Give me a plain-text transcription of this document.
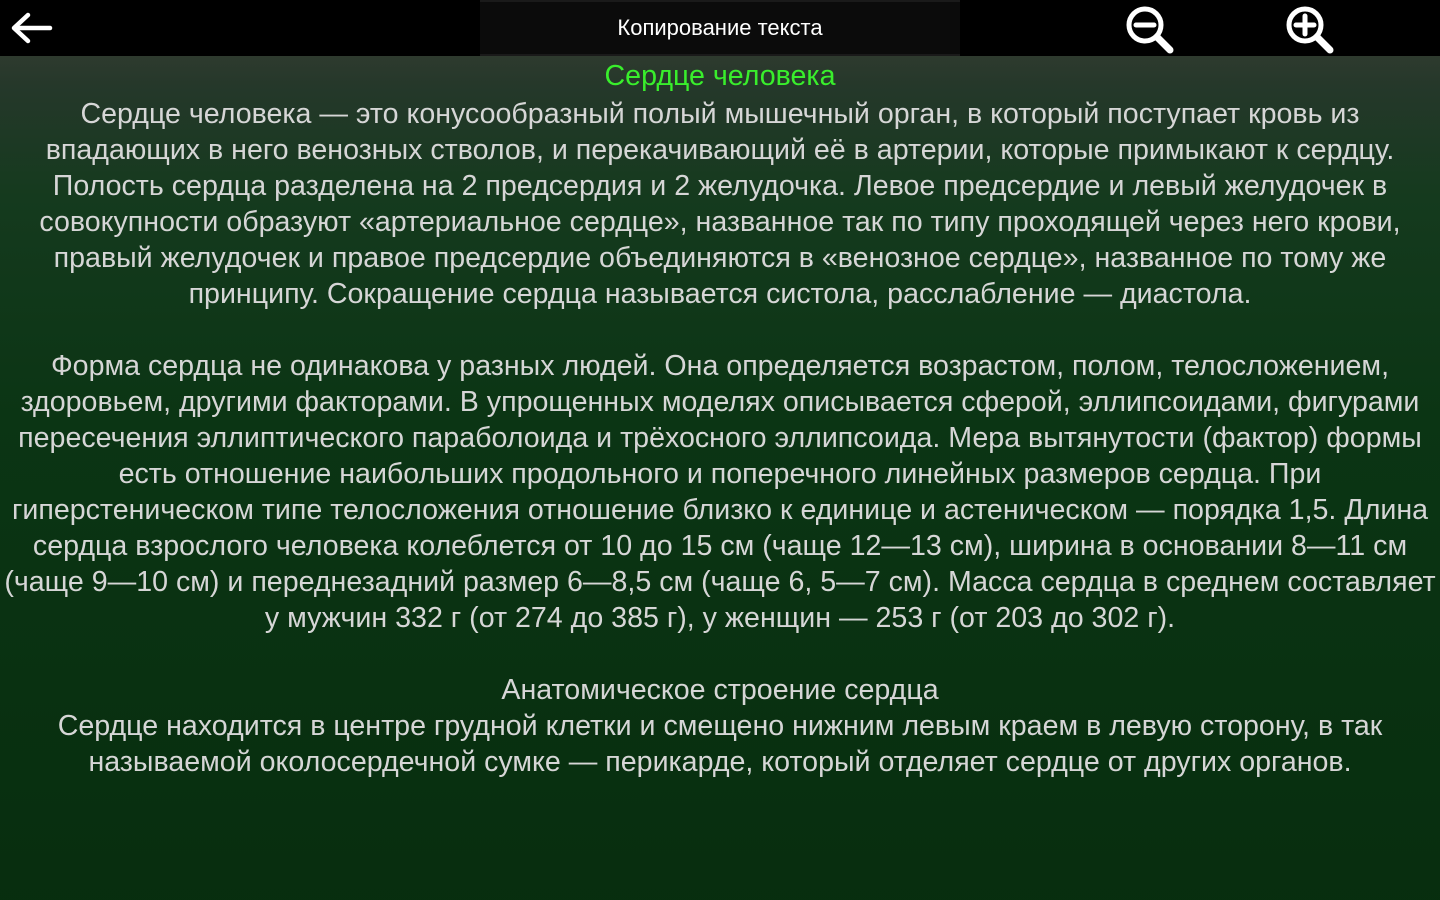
Копирование текста
Сердце человека

Сердце человека — это конусообразный полый мышечный орган, в который поступает кровь из впадающих в него венозных стволов, и перекачивающий её в артерии, которые примыкают к сердцу. Полость сердца разделена на 2 предсердия и 2 желудочка. Левое предсердие и левый желудочек в совокупности образуют «артериальное сердце», названное так по типу проходящей через него крови, правый желудочек и правое предсердие объединяются в «венозное сердце», названное по тому же принципу. Сокращение сердца называется систола, расслабление — диастола.

Форма сердца не одинакова у разных людей. Она определяется возрастом, полом, телосложением, здоровьем, другими факторами. В упрощенных моделях описывается сферой, эллипсоидами, фигурами пересечения эллиптического параболоида и трёхосного эллипсоида. Мера вытянутости (фактор) формы есть отношение наибольших продольного и поперечного линейных размеров сердца. При гиперстеническом типе телосложения отношение близко к единице и астеническом — порядка 1,5. Длина сердца взрослого человека колеблется от 10 до 15 см (чаще 12—13 см), ширина в основании 8—11 см (чаще 9—10 см) и переднезадний размер 6—8,5 см (чаще 6, 5—7 см). Масса сердца в среднем составляет у мужчин 332 г (от 274 до 385 г), у женщин — 253 г (от 203 до 302 г).

Анатомическое строение сердца

Сердце находится в центре грудной клетки и смещено нижним левым краем в левую сторону, в так называемой околосердечной сумке — перикарде, который отделяет сердце от других органов.
